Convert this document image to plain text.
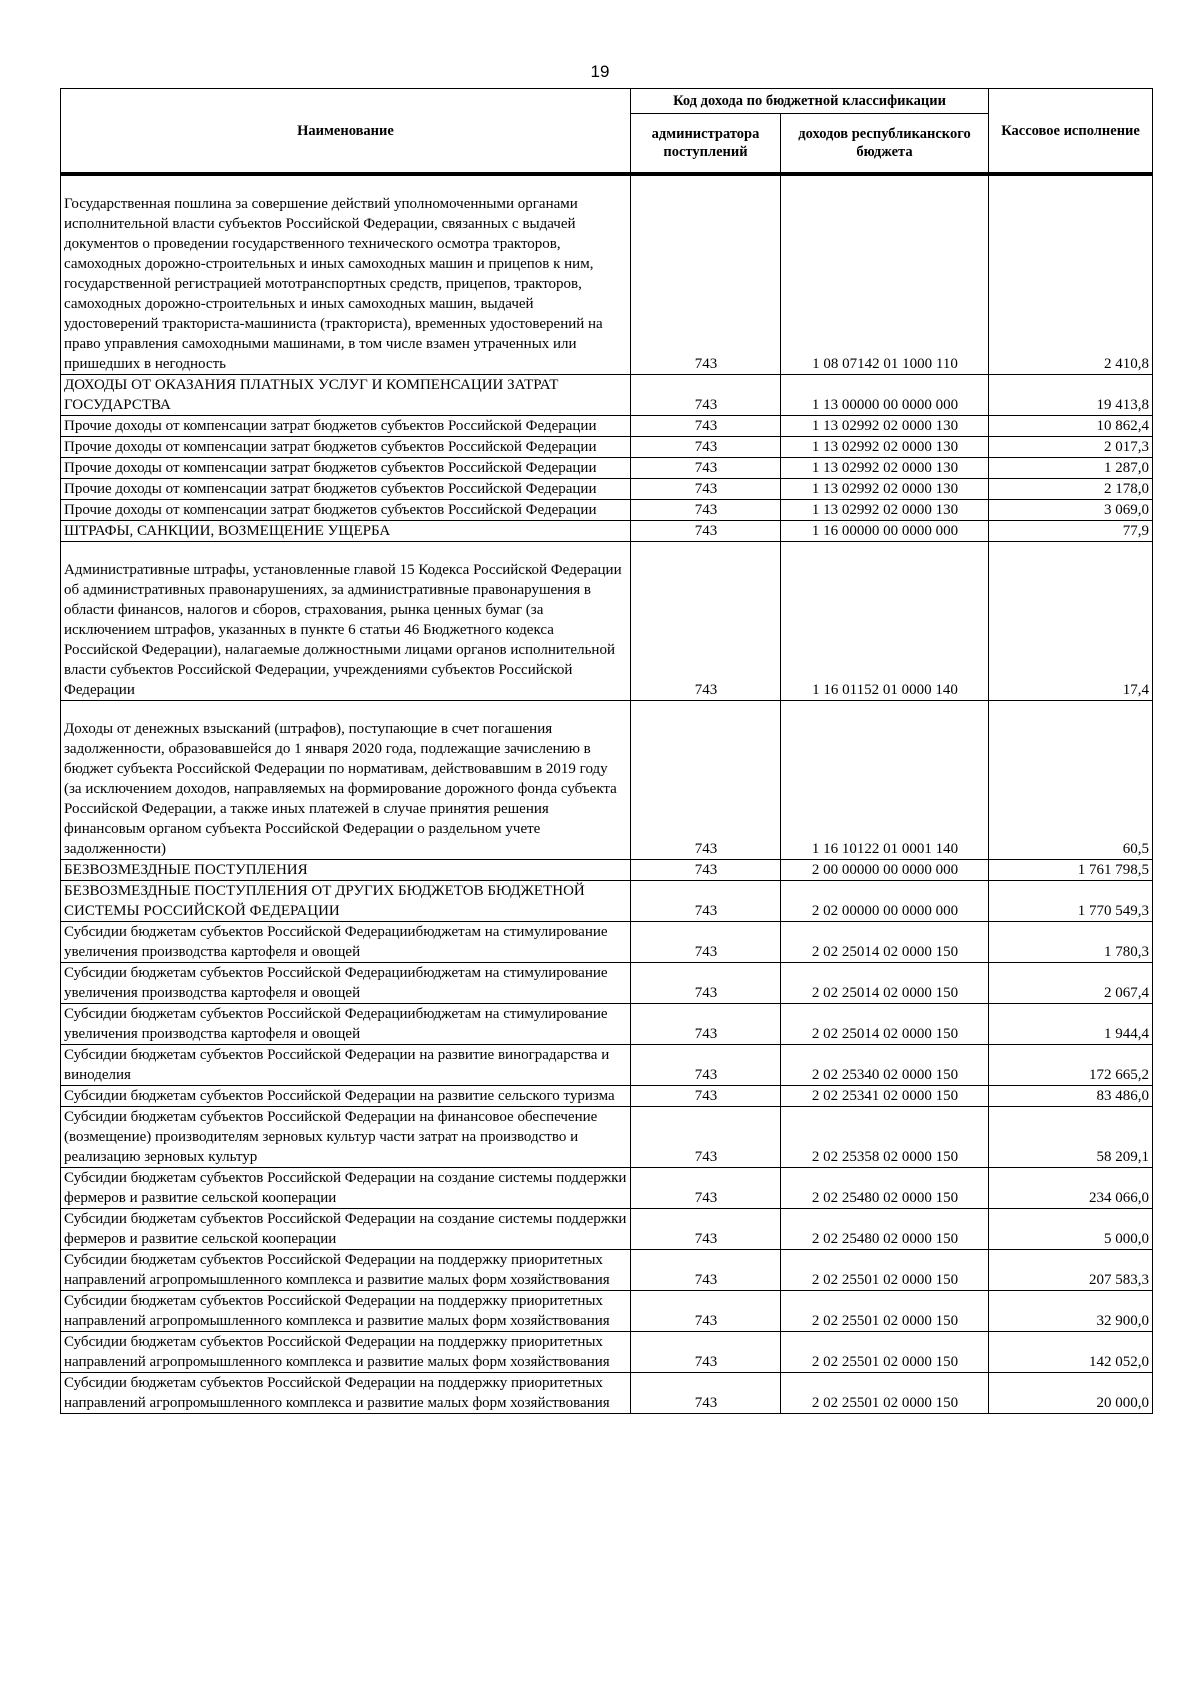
19
Наименование	Код дохода по бюджетной классификации		Кассовое исполнение
	администратора поступлений	доходов республиканского бюджета	
Государственная пошлина за совершение действий уполномоченными органами исполнительной власти субъектов Российской Федерации, связанных с выдачей документов о проведении государственного технического осмотра тракторов, самоходных дорожно-строительных и иных самоходных машин и прицепов к ним, государственной регистрацией мототранспортных средств, прицепов, тракторов, самоходных дорожно-строительных и иных самоходных машин, выдачей удостоверений тракториста-машиниста (тракториста), временных удостоверений на право управления самоходными машинами, в том числе взамен утраченных или пришедших в негодность	743	1 08 07142 01 1000 110	2 410,8
ДОХОДЫ ОТ ОКАЗАНИЯ ПЛАТНЫХ УСЛУГ И КОМПЕНСАЦИИ ЗАТРАТ ГОСУДАРСТВА	743	1 13 00000 00 0000 000	19 413,8
Прочие доходы от компенсации затрат бюджетов субъектов Российской Федерации	743	1 13 02992 02 0000 130	10 862,4
Прочие доходы от компенсации затрат бюджетов субъектов Российской Федерации	743	1 13 02992 02 0000 130	2 017,3
Прочие доходы от компенсации затрат бюджетов субъектов Российской Федерации	743	1 13 02992 02 0000 130	1 287,0
Прочие доходы от компенсации затрат бюджетов субъектов Российской Федерации	743	1 13 02992 02 0000 130	2 178,0
Прочие доходы от компенсации затрат бюджетов субъектов Российской Федерации	743	1 13 02992 02 0000 130	3 069,0
ШТРАФЫ, САНКЦИИ, ВОЗМЕЩЕНИЕ УЩЕРБА	743	1 16 00000 00 0000 000	77,9
Административные штрафы, установленные главой 15 Кодекса Российской Федерации об административных правонарушениях, за административные правонарушения в области финансов, налогов и сборов, страхования, рынка ценных бумаг (за исключением штрафов, указанных в пункте 6 статьи 46 Бюджетного кодекса Российской Федерации), налагаемые должностными лицами органов исполнительной власти субъектов Российской Федерации, учреждениями субъектов Российской Федерации	743	1 16 01152 01 0000 140	17,4
Доходы от денежных взысканий (штрафов), поступающие в счет погашения задолженности, образовавшейся до 1 января 2020 года, подлежащие зачислению в бюджет субъекта Российской Федерации по нормативам, действовавшим в 2019 году (за исключением доходов, направляемых на формирование дорожного фонда субъекта Российской Федерации, а также иных платежей в случае принятия решения финансовым органом субъекта Российской Федерации о раздельном учете задолженности)	743	1 16 10122 01 0001 140	60,5
БЕЗВОЗМЕЗДНЫЕ ПОСТУПЛЕНИЯ	743	2 00 00000 00 0000 000	1 761 798,5
БЕЗВОЗМЕЗДНЫЕ ПОСТУПЛЕНИЯ ОТ ДРУГИХ БЮДЖЕТОВ БЮДЖЕТНОЙ СИСТЕМЫ РОССИЙСКОЙ ФЕДЕРАЦИИ	743	2 02 00000 00 0000 000	1 770 549,3
Субсидии бюджетам субъектов Российской Федерациибюджетам на стимулирование увеличения производства картофеля и овощей	743	2 02 25014 02 0000 150	1 780,3
Субсидии бюджетам субъектов Российской Федерациибюджетам на стимулирование увеличения производства картофеля и овощей	743	2 02 25014 02 0000 150	2 067,4
Субсидии бюджетам субъектов Российской Федерациибюджетам на стимулирование увеличения производства картофеля и овощей	743	2 02 25014 02 0000 150	1 944,4
Субсидии бюджетам субъектов Российской Федерации на развитие виноградарства и виноделия	743	2 02 25340 02 0000 150	172 665,2
Субсидии бюджетам субъектов Российской Федерации на развитие сельского туризма	743	2 02 25341 02 0000 150	83 486,0
Субсидии бюджетам субъектов Российской Федерации на финансовое обеспечение (возмещение) производителям зерновых культур части затрат на производство и реализацию зерновых культур	743	2 02 25358 02 0000 150	58 209,1
Субсидии бюджетам субъектов Российской Федерации на создание системы поддержки фермеров и развитие сельской кооперации	743	2 02 25480 02 0000 150	234 066,0
Субсидии бюджетам субъектов Российской Федерации на создание системы поддержки фермеров и развитие сельской кооперации	743	2 02 25480 02 0000 150	5 000,0
Субсидии бюджетам субъектов Российской Федерации на поддержку приоритетных направлений агропромышленного комплекса и развитие малых форм хозяйствования	743	2 02 25501 02 0000 150	207 583,3
Субсидии бюджетам субъектов Российской Федерации на поддержку приоритетных направлений агропромышленного комплекса и развитие малых форм хозяйствования	743	2 02 25501 02 0000 150	32 900,0
Субсидии бюджетам субъектов Российской Федерации на поддержку приоритетных направлений агропромышленного комплекса и развитие малых форм хозяйствования	743	2 02 25501 02 0000 150	142 052,0
Субсидии бюджетам субъектов Российской Федерации на поддержку приоритетных направлений агропромышленного комплекса и развитие малых форм хозяйствования	743	2 02 25501 02 0000 150	20 000,0
